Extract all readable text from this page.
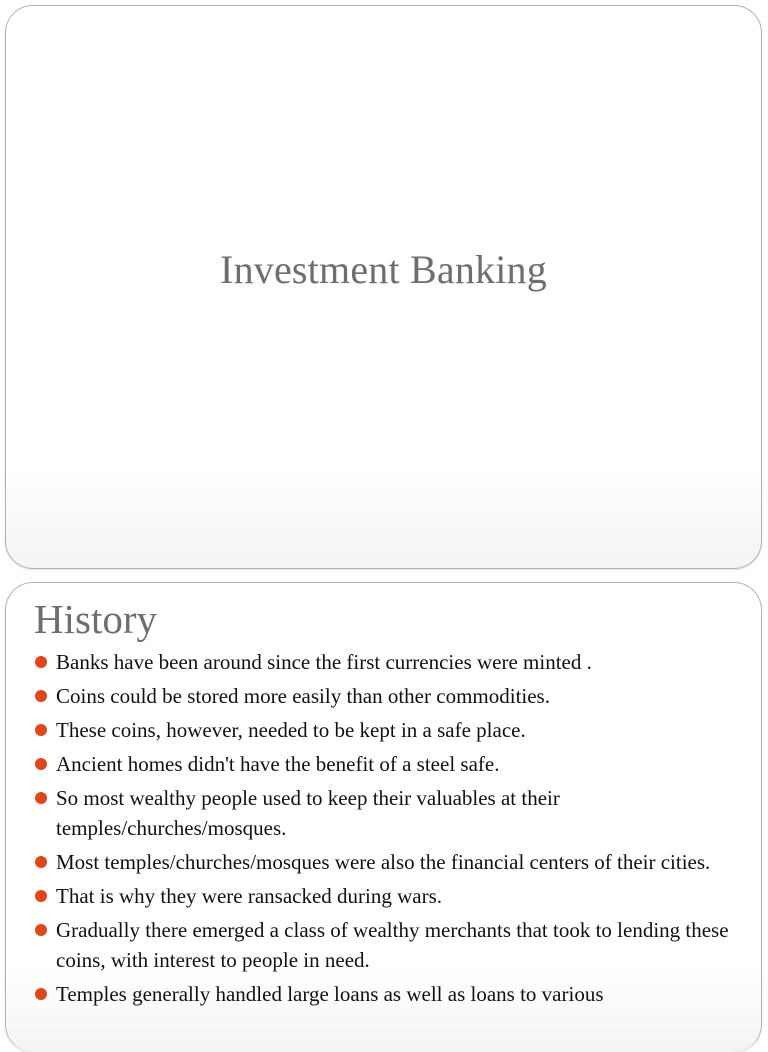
Investment Banking
History
Banks have been around since the first currencies were minted .
Coins could be stored more easily than other commodities.
These coins, however, needed to be kept in a safe place.
Ancient homes didn't have the benefit of a steel safe.
So most wealthy people used to keep their valuables at their temples/churches/mosques.
Most temples/churches/mosques were also the financial centers of their cities.
That is why they were ransacked during wars.
Gradually there emerged a class of wealthy merchants that took to lending these coins, with interest to people in need.
Temples generally handled large loans as well as loans to various
